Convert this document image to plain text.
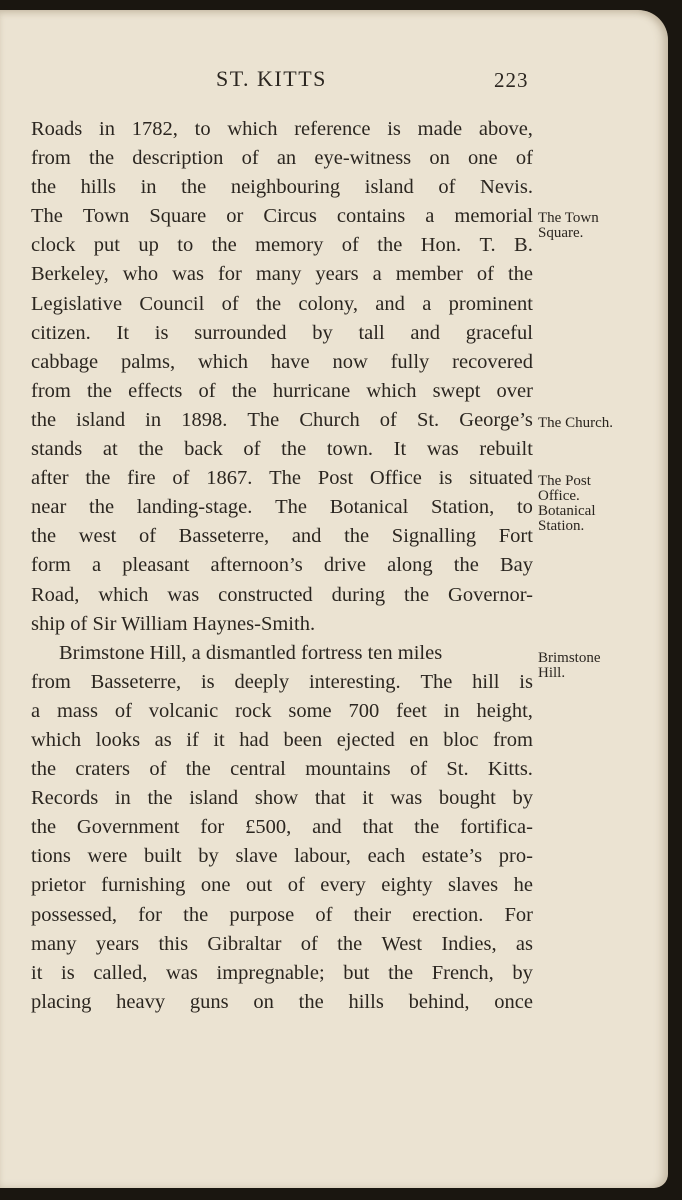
ST. KITTS	223
Roads in 1782, to which reference is made above,
from the description of an eye-witness on one of
the hills in the neighbouring island of Nevis.
The Town Square or Circus contains a memorial
clock put up to the memory of the Hon. T. B.
Berkeley, who was for many years a member of the
Legislative Council of the colony, and a prominent
citizen. It is surrounded by tall and graceful
cabbage palms, which have now fully recovered
from the effects of the hurricane which swept over
the island in 1898. The Church of St. George’s
stands at the back of the town. It was rebuilt
after the fire of 1867. The Post Office is situated
near the landing-stage. The Botanical Station, to
the west of Basseterre, and the Signalling Fort
form a pleasant afternoon’s drive along the Bay
Road, which was constructed during the Governor-
ship of Sir William Haynes-Smith.
Brimstone Hill, a dismantled fortress ten miles
from Basseterre, is deeply interesting. The hill is
a mass of volcanic rock some 700 feet in height,
which looks as if it had been ejected en bloc from
the craters of the central mountains of St. Kitts.
Records in the island show that it was bought by
the Government for £500, and that the fortifica-
tions were built by slave labour, each estate’s pro-
prietor furnishing one out of every eighty slaves he
possessed, for the purpose of their erection. For
many years this Gibraltar of the West Indies, as
it is called, was impregnable; but the French, by
placing heavy guns on the hills behind, once
The Town Square.
The Church.
The Post Office. Botanical Station.
Brimstone Hill.
